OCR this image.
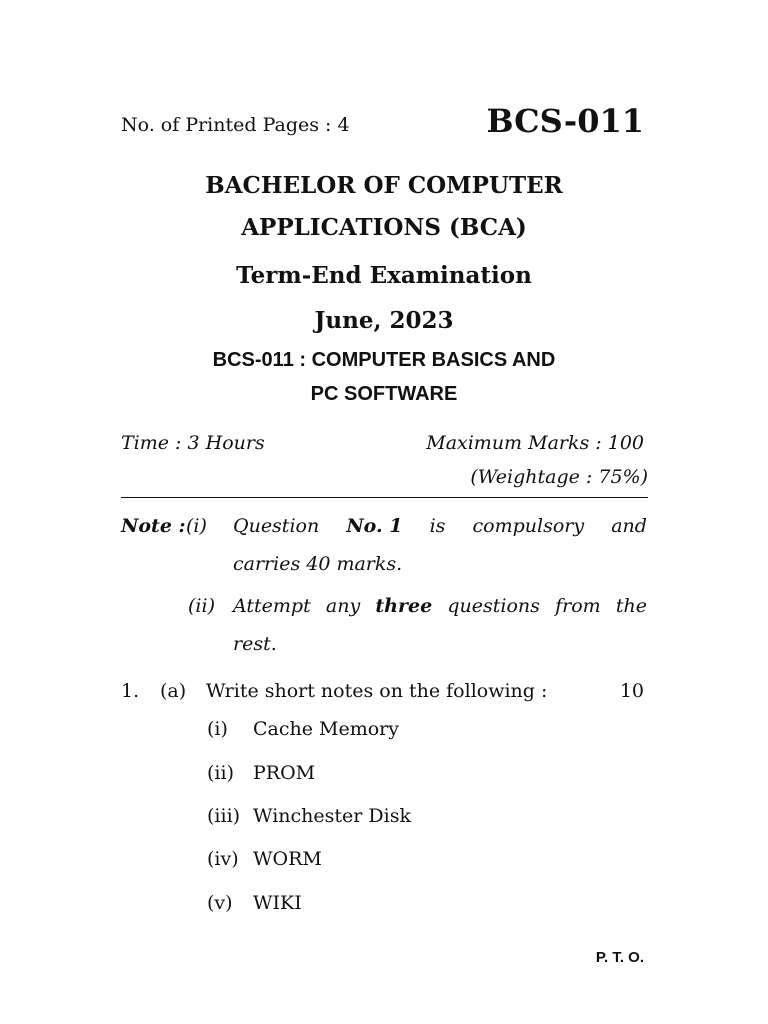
No. of Printed Pages : 4	BCS-011
BACHELOR OF COMPUTER
APPLICATIONS (BCA)
Term-End Examination
June, 2023
BCS-011 : COMPUTER BASICS AND
PC SOFTWARE
Time : 3 Hours	Maximum Marks : 100
(Weightage : 75%)
Note : (i) Question No. 1 is compulsory and
carries 40 marks.
(ii) Attempt any three questions from the
rest.
1. (a) Write short notes on the following :	10
(i) Cache Memory
(ii) PROM
(iii) Winchester Disk
(iv) WORM
(v) WIKI
P. T. O.
